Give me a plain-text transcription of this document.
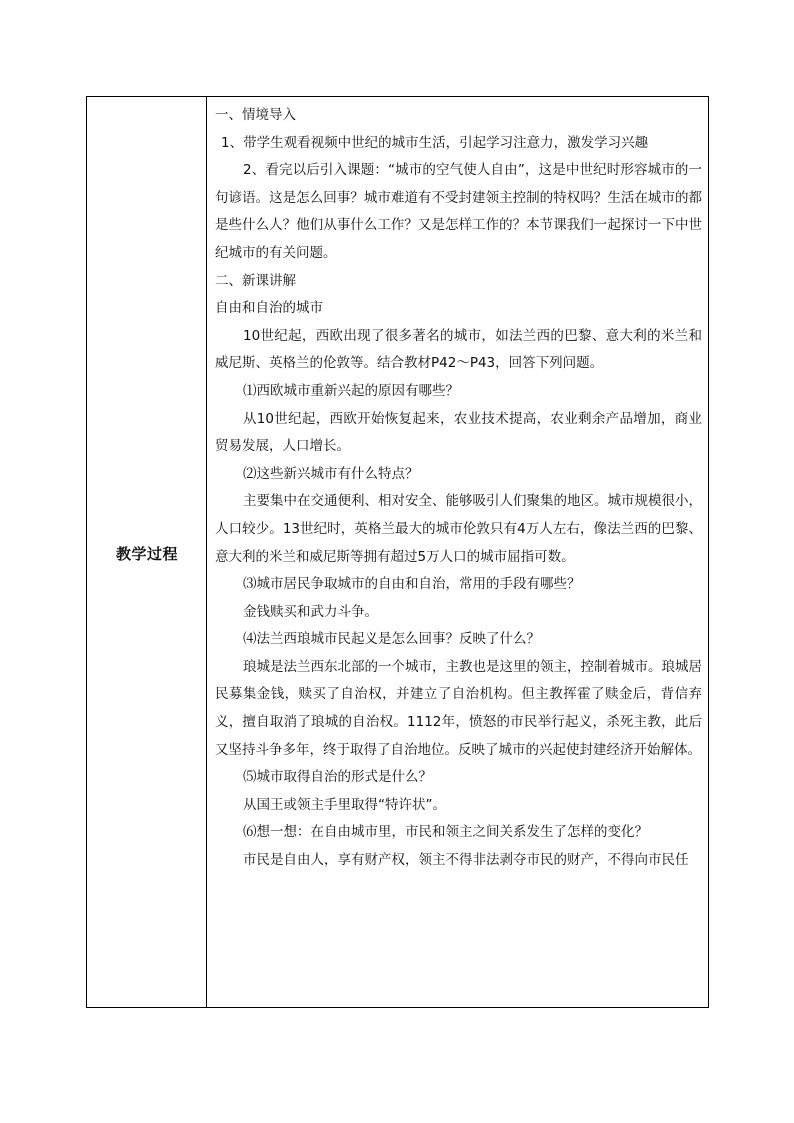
教学过程

一、情境导入

1、带学生观看视频中世纪的城市生活，引起学习注意力，激发学习兴趣

2、看完以后引入课题：“城市的空气使人自由”，这是中世纪时形容城市的一句谚语。这是怎么回事？城市难道有不受封建领主控制的特权吗？生活在城市的都是些什么人？他们从事什么工作？又是怎样工作的？本节课我们一起探讨一下中世纪城市的有关问题。

二、新课讲解

自由和自治的城市

10世纪起，西欧出现了很多著名的城市，如法兰西的巴黎、意大利的米兰和威尼斯、英格兰的伦敦等。结合教材P42～P43，回答下列问题。

⑴西欧城市重新兴起的原因有哪些？

从10世纪起，西欧开始恢复起来，农业技术提高，农业剩余产品增加，商业贸易发展，人口增长。

⑵这些新兴城市有什么特点？

主要集中在交通便利、相对安全、能够吸引人们聚集的地区。城市规模很小，人口较少。13世纪时，英格兰最大的城市伦敦只有4万人左右，像法兰西的巴黎、意大利的米兰和威尼斯等拥有超过5万人口的城市屈指可数。

⑶城市居民争取城市的自由和自治，常用的手段有哪些？

金钱赎买和武力斗争。

⑷法兰西琅城市民起义是怎么回事？反映了什么？

琅城是法兰西东北部的一个城市，主教也是这里的领主，控制着城市。琅城居民募集金钱，赎买了自治权，并建立了自治机构。但主教挥霍了赎金后，背信弃义，擅自取消了琅城的自治权。1112年，愤怒的市民举行起义，杀死主教，此后又坚持斗争多年，终于取得了自治地位。反映了城市的兴起使封建经济开始解体。

⑸城市取得自治的形式是什么？

从国王或领主手里取得“特许状”。

⑹想一想：在自由城市里，市民和领主之间关系发生了怎样的变化？

市民是自由人，享有财产权，领主不得非法剥夺市民的财产，不得向市民任
